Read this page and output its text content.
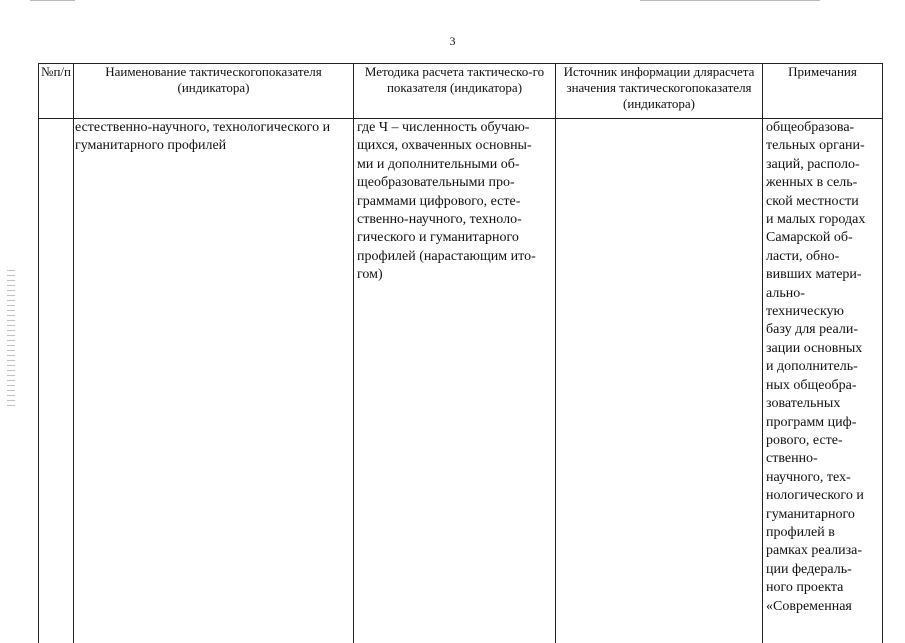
3
№п/п	Наименование тактическогопоказателя (индикатора)
Методика расчета тактическо-го показателя (индикатора)
Источник информации длярасчета значения тактическогопоказателя (индикатора)
Примечания
естественно-научного, технологического и
гуманитарного профилей
где Ч – численность обучаю-
щихся, охваченных основны-
ми и дополнительными об-
щеобразовательными про-
граммами цифрового, есте-
ственно-научного, техноло-
гического и гуманитарного
профилей (нарастающим ито-
гом)
общеобразова-
тельных органи-
заций, располо-
женных в сель-
ской местности
и малых городах
Самарской об-
ласти, обно-
вивших матери-
ально-
техническую
базу для реали-
зации основных
и дополнитель-
ных общеобра-
зовательных
программ циф-
рового, есте-
ственно-
научного, тех-
нологического и
гуманитарного
профилей в
рамках реализа-
ции федераль-
ного проекта
«Современная
